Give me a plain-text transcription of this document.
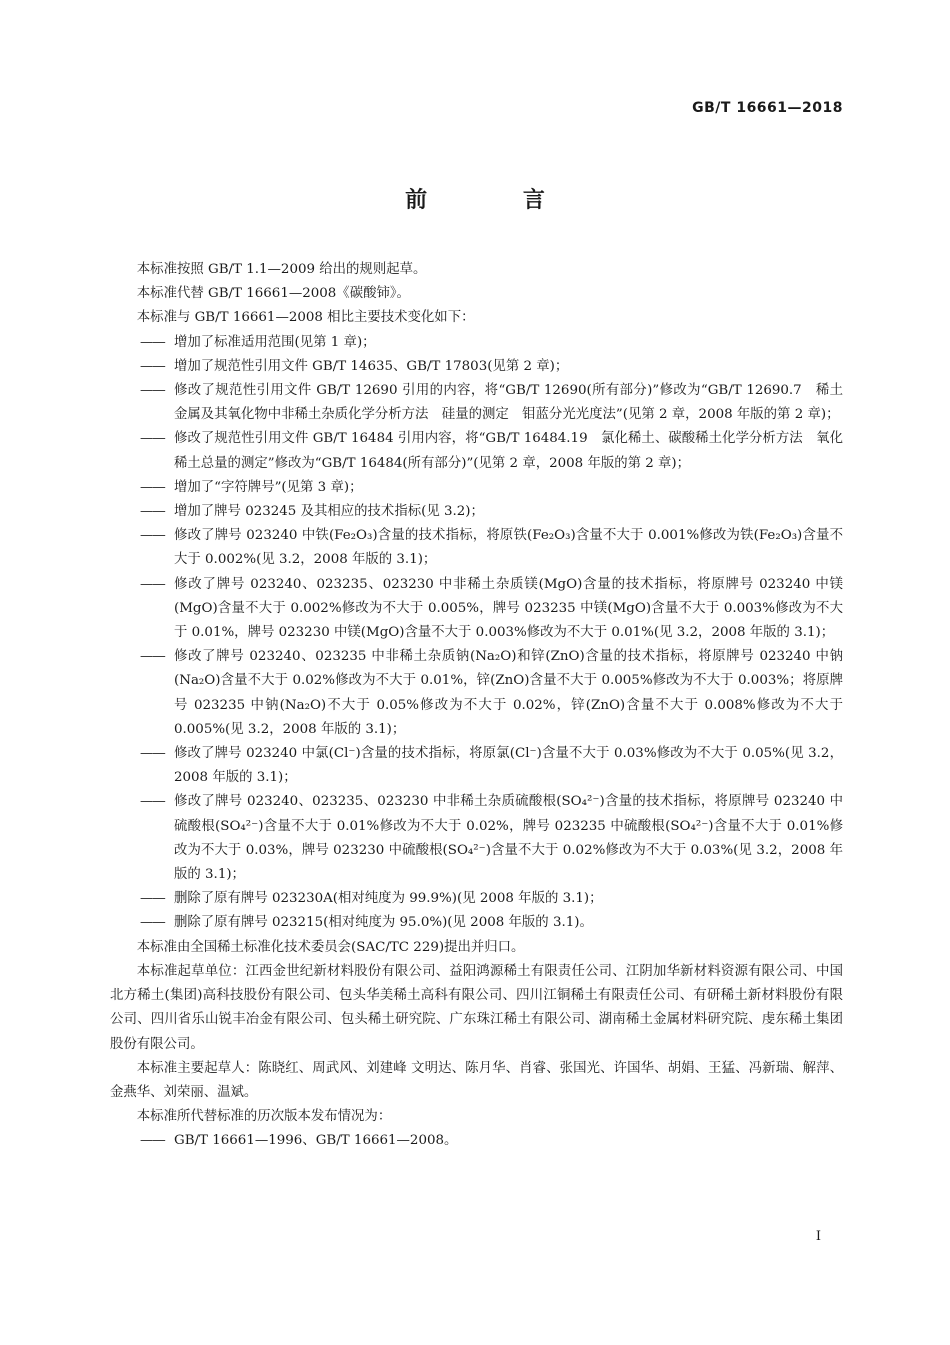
GB/T 16661—2018
前 言
本标准按照 GB/T 1.1—2009 给出的规则起草。
本标准代替 GB/T 16661—2008《碳酸铈》。
本标准与 GB/T 16661—2008 相比主要技术变化如下：
—— 增加了标准适用范围(见第 1 章)；
—— 增加了规范性引用文件 GB/T 14635、GB/T 17803(见第 2 章)；
—— 修改了规范性引用文件 GB/T 12690 引用的内容，将“GB/T 12690(所有部分)”修改为“GB/T 12690.7　稀土金属及其氧化物中非稀土杂质化学分析方法　硅量的测定　钼蓝分光光度法”(见第 2 章，2008 年版的第 2 章)；
—— 修改了规范性引用文件 GB/T 16484 引用内容，将“GB/T 16484.19　氯化稀土、碳酸稀土化学分析方法　氧化稀土总量的测定”修改为“GB/T 16484(所有部分)”(见第 2 章，2008 年版的第 2 章)；
—— 增加了“字符牌号”(见第 3 章)；
—— 增加了牌号 023245 及其相应的技术指标(见 3.2)；
—— 修改了牌号 023240 中铁(Fe₂O₃)含量的技术指标，将原铁(Fe₂O₃)含量不大于 0.001%修改为铁(Fe₂O₃)含量不大于 0.002%(见 3.2，2008 年版的 3.1)；
—— 修改了牌号 023240、023235、023230 中非稀土杂质镁(MgO)含量的技术指标，将原牌号 023240 中镁(MgO)含量不大于 0.002%修改为不大于 0.005%，牌号 023235 中镁(MgO)含量不大于 0.003%修改为不大于 0.01%，牌号 023230 中镁(MgO)含量不大于 0.003%修改为不大于 0.01%(见 3.2，2008 年版的 3.1)；
—— 修改了牌号 023240、023235 中非稀土杂质钠(Na₂O)和锌(ZnO)含量的技术指标，将原牌号 023240 中钠(Na₂O)含量不大于 0.02%修改为不大于 0.01%，锌(ZnO)含量不大于 0.005%修改为不大于 0.003%；将原牌号 023235 中钠(Na₂O)不大于 0.05%修改为不大于 0.02%，锌(ZnO)含量不大于 0.008%修改为不大于 0.005%(见 3.2，2008 年版的 3.1)；
—— 修改了牌号 023240 中氯(Cl⁻)含量的技术指标，将原氯(Cl⁻)含量不大于 0.03%修改为不大于 0.05%(见 3.2，2008 年版的 3.1)；
—— 修改了牌号 023240、023235、023230 中非稀土杂质硫酸根(SO₄²⁻)含量的技术指标，将原牌号 023240 中硫酸根(SO₄²⁻)含量不大于 0.01%修改为不大于 0.02%，牌号 023235 中硫酸根(SO₄²⁻)含量不大于 0.01%修改为不大于 0.03%，牌号 023230 中硫酸根(SO₄²⁻)含量不大于 0.02%修改为不大于 0.03%(见 3.2，2008 年版的 3.1)；
—— 删除了原有牌号 023230A(相对纯度为 99.9%)(见 2008 年版的 3.1)；
—— 删除了原有牌号 023215(相对纯度为 95.0%)(见 2008 年版的 3.1)。
本标准由全国稀土标准化技术委员会(SAC/TC 229)提出并归口。
本标准起草单位：江西金世纪新材料股份有限公司、益阳鸿源稀土有限责任公司、江阴加华新材料资源有限公司、中国北方稀土(集团)高科技股份有限公司、包头华美稀土高科有限公司、四川江铜稀土有限责任公司、有研稀土新材料股份有限公司、四川省乐山锐丰冶金有限公司、包头稀土研究院、广东珠江稀土有限公司、湖南稀土金属材料研究院、虔东稀土集团股份有限公司。
本标准主要起草人：陈晓红、周武风、刘建峰 文明达、陈月华、肖睿、张国光、许国华、胡娟、王猛、冯新瑞、解萍、金燕华、刘荣丽、温斌。
本标准所代替标准的历次版本发布情况为：
—— GB/T 16661—1996、GB/T 16661—2008。
I
